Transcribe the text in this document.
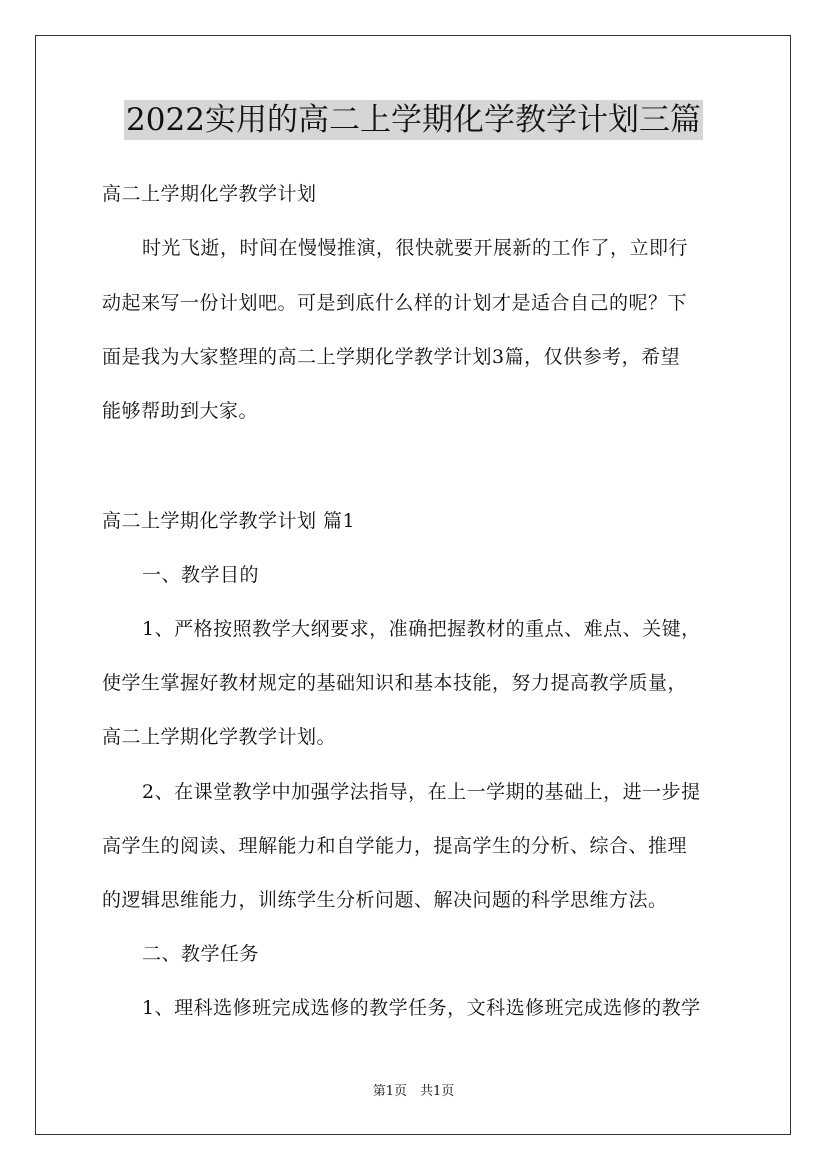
2022实用的高二上学期化学教学计划三篇
高二上学期化学教学计划
时光飞逝，时间在慢慢推演，很快就要开展新的工作了，立即行
动起来写一份计划吧。可是到底什么样的计划才是适合自己的呢？下
面是我为大家整理的高二上学期化学教学计划3篇，仅供参考，希望
能够帮助到大家。
高二上学期化学教学计划 篇1
一、教学目的
1、严格按照教学大纲要求，准确把握教材的重点、难点、关键，
使学生掌握好教材规定的基础知识和基本技能，努力提高教学质量，
高二上学期化学教学计划。
2、在课堂教学中加强学法指导，在上一学期的基础上，进一步提
高学生的阅读、理解能力和自学能力，提高学生的分析、综合、推理
的逻辑思维能力，训练学生分析问题、解决问题的科学思维方法。
二、教学任务
1、理科选修班完成选修的教学任务，文科选修班完成选修的教学
第1页　共1页
